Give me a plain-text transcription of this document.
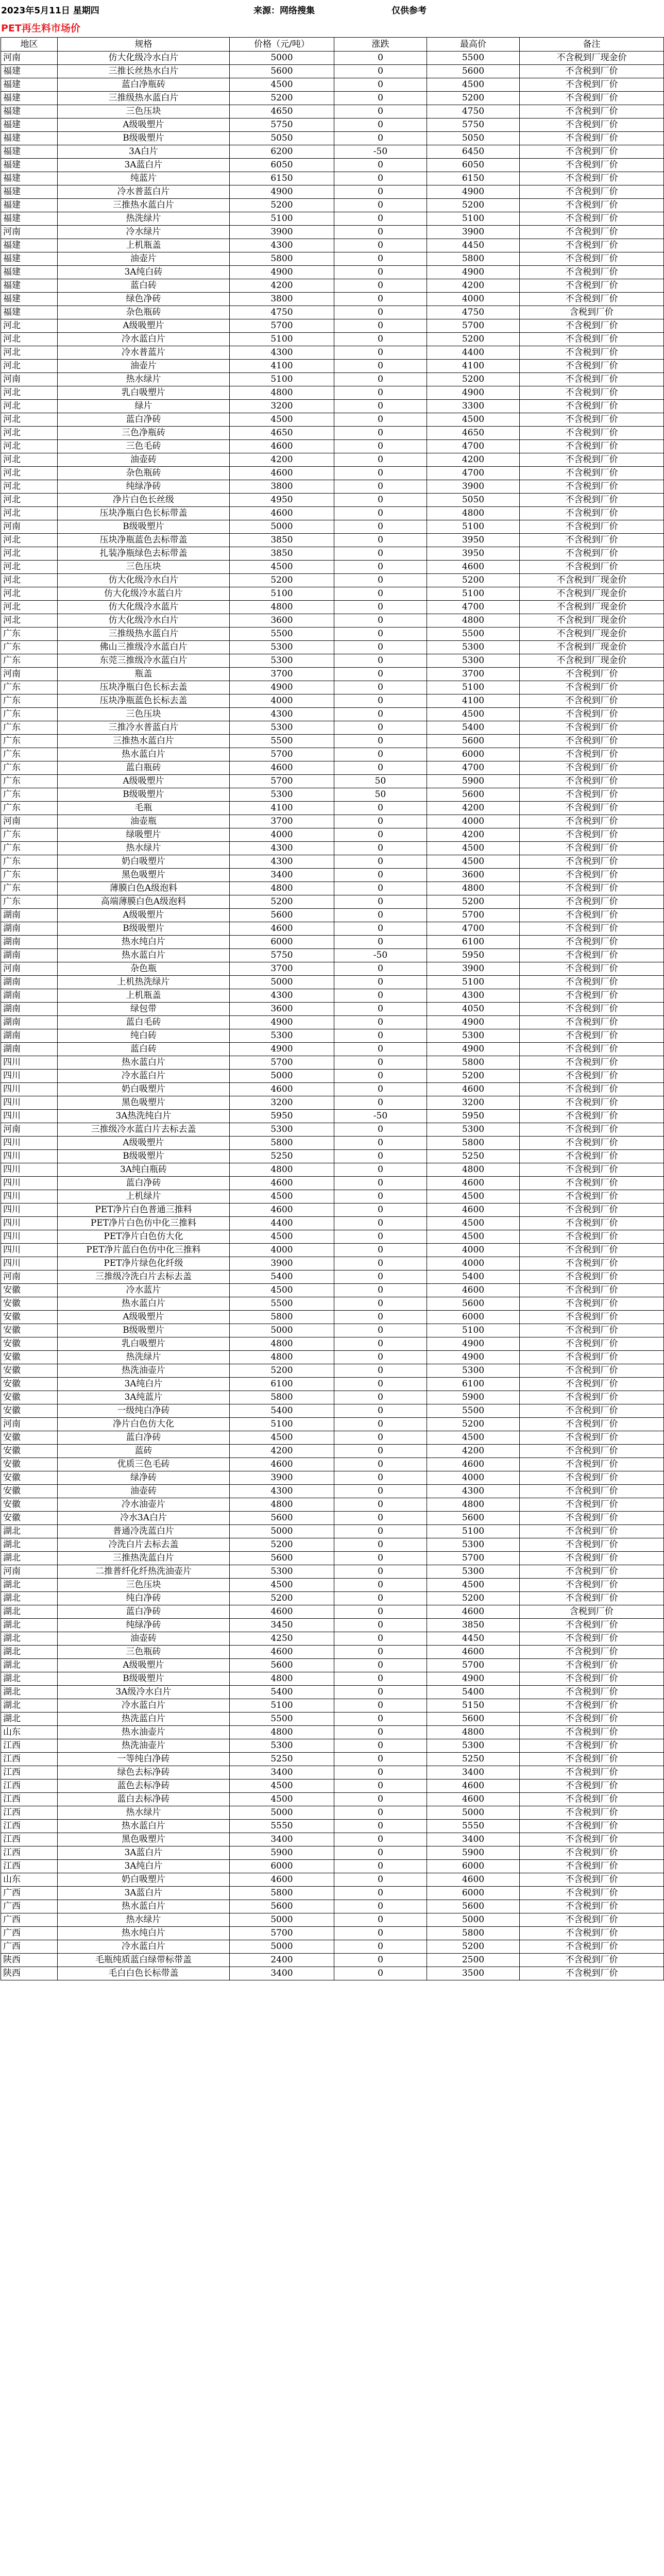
2023年5月11日 星期四	来源：网络搜集	仅供参考
PET再生料市场价
地区	规格	价格（元/吨）	涨跌	最高价	备注
河南	仿大化级冷水白片	5000	0	5500	不含税到厂现金价
福建	三推长丝热水白片	5600	0	5600	不含税到厂价
福建	蓝白净瓶砖	4500	0	4500	不含税到厂价
福建	三推级热水蓝白片	5200	0	5200	不含税到厂价
福建	三色压块	4650	0	4750	不含税到厂价
福建	A级吸塑片	5750	0	5750	不含税到厂价
福建	B级吸塑片	5050	0	5050	不含税到厂价
福建	3A白片	6200	-50	6450	不含税到厂价
福建	3A蓝白片	6050	0	6050	不含税到厂价
福建	纯蓝片	6150	0	6150	不含税到厂价
福建	冷水普蓝白片	4900	0	4900	不含税到厂价
福建	三推热水蓝白片	5200	0	5200	不含税到厂价
福建	热洗绿片	5100	0	5100	不含税到厂价
河南	冷水绿片	3900	0	3900	不含税到厂价
福建	上机瓶盖	4300	0	4450	不含税到厂价
福建	油壶片	5800	0	5800	不含税到厂价
福建	3A纯白砖	4900	0	4900	不含税到厂价
福建	蓝白砖	4200	0	4200	不含税到厂价
福建	绿色净砖	3800	0	4000	不含税到厂价
福建	杂色瓶砖	4750	0	4750	含税到厂价
河北	A级吸塑片	5700	0	5700	不含税到厂价
河北	冷水蓝白片	5100	0	5200	不含税到厂价
河北	冷水普蓝片	4300	0	4400	不含税到厂价
河北	油壶片	4100	0	4100	不含税到厂价
河南	热水绿片	5100	0	5200	不含税到厂价
河北	乳白吸塑片	4800	0	4900	不含税到厂价
河北	绿片	3200	0	3300	不含税到厂价
河北	蓝白净砖	4500	0	4500	不含税到厂价
河北	三色净瓶砖	4650	0	4650	不含税到厂价
河北	三色毛砖	4600	0	4700	不含税到厂价
河北	油壶砖	4200	0	4200	不含税到厂价
河北	杂色瓶砖	4600	0	4700	不含税到厂价
河北	纯绿净砖	3800	0	3900	不含税到厂价
河北	净片白色长丝级	4950	0	5050	不含税到厂价
河北	压块净瓶白色长标带盖	4600	0	4800	不含税到厂价
河南	B级吸塑片	5000	0	5100	不含税到厂价
河北	压块净瓶蓝色去标带盖	3850	0	3950	不含税到厂价
河北	扎装净瓶绿色去标带盖	3850	0	3950	不含税到厂价
河北	三色压块	4500	0	4600	不含税到厂价
河北	仿大化级冷水白片	5200	0	5200	不含税到厂现金价
河北	仿大化级冷水蓝白片	5100	0	5100	不含税到厂现金价
河北	仿大化级冷水蓝片	4800	0	4700	不含税到厂现金价
河北	仿大化级冷水白片	3600	0	4800	不含税到厂现金价
广东	三推级热水蓝白片	5500	0	5500	不含税到厂现金价
广东	佛山三推级冷水蓝白片	5300	0	5300	不含税到厂现金价
广东	东莞三推级冷水蓝白片	5300	0	5300	不含税到厂现金价
河南	瓶盖	3700	0	3700	不含税到厂价
广东	压块净瓶白色长标去盖	4900	0	5100	不含税到厂价
广东	压块净瓶蓝色长标去盖	4000	0	4100	不含税到厂价
广东	三色压块	4300	0	4500	不含税到厂价
广东	三推冷水普蓝白片	5300	0	5400	不含税到厂价
广东	三推热水蓝白片	5500	0	5600	不含税到厂价
广东	热水蓝白片	5700	0	6000	不含税到厂价
广东	蓝白瓶砖	4600	0	4700	不含税到厂价
广东	A级吸塑片	5700	50	5900	不含税到厂价
广东	B级吸塑片	5300	50	5600	不含税到厂价
广东	毛瓶	4100	0	4200	不含税到厂价
河南	油壶瓶	3700	0	4000	不含税到厂价
广东	绿吸塑片	4000	0	4200	不含税到厂价
广东	热水绿片	4300	0	4500	不含税到厂价
广东	奶白吸塑片	4300	0	4500	不含税到厂价
广东	黑色吸塑片	3400	0	3600	不含税到厂价
广东	薄膜白色A级泡料	4800	0	4800	不含税到厂价
广东	高端薄膜白色A级泡料	5200	0	5200	不含税到厂价
湖南	A级吸塑片	5600	0	5700	不含税到厂价
湖南	B级吸塑片	4600	0	4700	不含税到厂价
湖南	热水纯白片	6000	0	6100	不含税到厂价
湖南	热水蓝白片	5750	-50	5950	不含税到厂价
河南	杂色瓶	3700	0	3900	不含税到厂价
湖南	上机热洗绿片	5000	0	5100	不含税到厂价
湖南	上机瓶盖	4300	0	4300	不含税到厂价
湖南	绿包带	3600	0	4050	不含税到厂价
湖南	蓝白毛砖	4900	0	4900	不含税到厂价
湖南	纯白砖	5300	0	5300	不含税到厂价
湖南	蓝白砖	4900	0	4900	不含税到厂价
四川	热水蓝白片	5700	0	5800	不含税到厂价
四川	冷水蓝白片	5000	0	5200	不含税到厂价
四川	奶白吸塑片	4600	0	4600	不含税到厂价
四川	黑色吸塑片	3200	0	3200	不含税到厂价
四川	3A热洗纯白片	5950	-50	5950	不含税到厂价
河南	三推级冷水蓝白片去标去盖	5300	0	5300	不含税到厂价
四川	A级吸塑片	5800	0	5800	不含税到厂价
四川	B级吸塑片	5250	0	5250	不含税到厂价
四川	3A纯白瓶砖	4800	0	4800	不含税到厂价
四川	蓝白净砖	4600	0	4600	不含税到厂价
四川	上机绿片	4500	0	4500	不含税到厂价
四川	PET净片白色普通三推料	4600	0	4600	不含税到厂价
四川	PET净片白色仿中化三推料	4400	0	4500	不含税到厂价
四川	PET净片白色仿大化	4500	0	4500	不含税到厂价
四川	PET净片蓝白色仿中化三推料	4000	0	4000	不含税到厂价
四川	PET净片绿色化纤级	3900	0	4000	不含税到厂价
河南	三推级冷洗白片去标去盖	5400	0	5400	不含税到厂价
安徽	冷水蓝片	4500	0	4600	不含税到厂价
安徽	热水蓝白片	5500	0	5600	不含税到厂价
安徽	A级吸塑片	5800	0	6000	不含税到厂价
安徽	B级吸塑片	5000	0	5100	不含税到厂价
安徽	乳白吸塑片	4800	0	4900	不含税到厂价
安徽	热洗绿片	4800	0	4900	不含税到厂价
安徽	热洗油壶片	5200	0	5300	不含税到厂价
安徽	3A纯白片	6100	0	6100	不含税到厂价
安徽	3A纯蓝片	5800	0	5900	不含税到厂价
安徽	一级纯白净砖	5400	0	5500	不含税到厂价
河南	净片白色仿大化	5100	0	5200	不含税到厂价
安徽	蓝白净砖	4500	0	4500	不含税到厂价
安徽	蓝砖	4200	0	4200	不含税到厂价
安徽	优质三色毛砖	4600	0	4600	不含税到厂价
安徽	绿净砖	3900	0	4000	不含税到厂价
安徽	油壶砖	4300	0	4300	不含税到厂价
安徽	冷水油壶片	4800	0	4800	不含税到厂价
安徽	冷水3A白片	5600	0	5600	不含税到厂价
湖北	普通冷洗蓝白片	5000	0	5100	不含税到厂价
湖北	冷洗白片去标去盖	5200	0	5300	不含税到厂价
湖北	三推热洗蓝白片	5600	0	5700	不含税到厂价
河南	二推普纤化纤热洗油壶片	5300	0	5300	不含税到厂价
湖北	三色压块	4500	0	4500	不含税到厂价
湖北	纯白净砖	5200	0	5200	不含税到厂价
湖北	蓝白净砖	4600	0	4600	含税到厂价
湖北	纯绿净砖	3450	0	3850	不含税到厂价
湖北	油壶砖	4250	0	4450	不含税到厂价
湖北	三色瓶砖	4600	0	4600	不含税到厂价
湖北	A级吸塑片	5600	0	5700	不含税到厂价
湖北	B级吸塑片	4800	0	4900	不含税到厂价
湖北	3A级冷水白片	5400	0	5400	不含税到厂价
湖北	冷水蓝白片	5100	0	5150	不含税到厂价
湖北	热洗蓝白片	5500	0	5600	不含税到厂价
山东	热水油壶片	4800	0	4800	不含税到厂价
江西	热洗油壶片	5300	0	5300	不含税到厂价
江西	一等纯白净砖	5250	0	5250	不含税到厂价
江西	绿色去标净砖	3400	0	3400	不含税到厂价
江西	蓝色去标净砖	4500	0	4600	不含税到厂价
江西	蓝白去标净砖	4500	0	4600	不含税到厂价
江西	热水绿片	5000	0	5000	不含税到厂价
江西	热水蓝白片	5550	0	5550	不含税到厂价
江西	黑色吸塑片	3400	0	3400	不含税到厂价
江西	3A蓝白片	5900	0	5900	不含税到厂价
江西	3A纯白片	6000	0	6000	不含税到厂价
山东	奶白吸塑片	4600	0	4600	不含税到厂价
广西	3A蓝白片	5800	0	6000	不含税到厂价
广西	热水蓝白片	5600	0	5600	不含税到厂价
广西	热水绿片	5000	0	5000	不含税到厂价
广西	热水纯白片	5700	0	5800	不含税到厂价
广西	冷水蓝白片	5000	0	5200	不含税到厂价
陕西	毛瓶纯质蓝白绿带标带盖	2400	0	2500	不含税到厂价
陕西	毛白白色长标带盖	3400	0	3500	不含税到厂价
